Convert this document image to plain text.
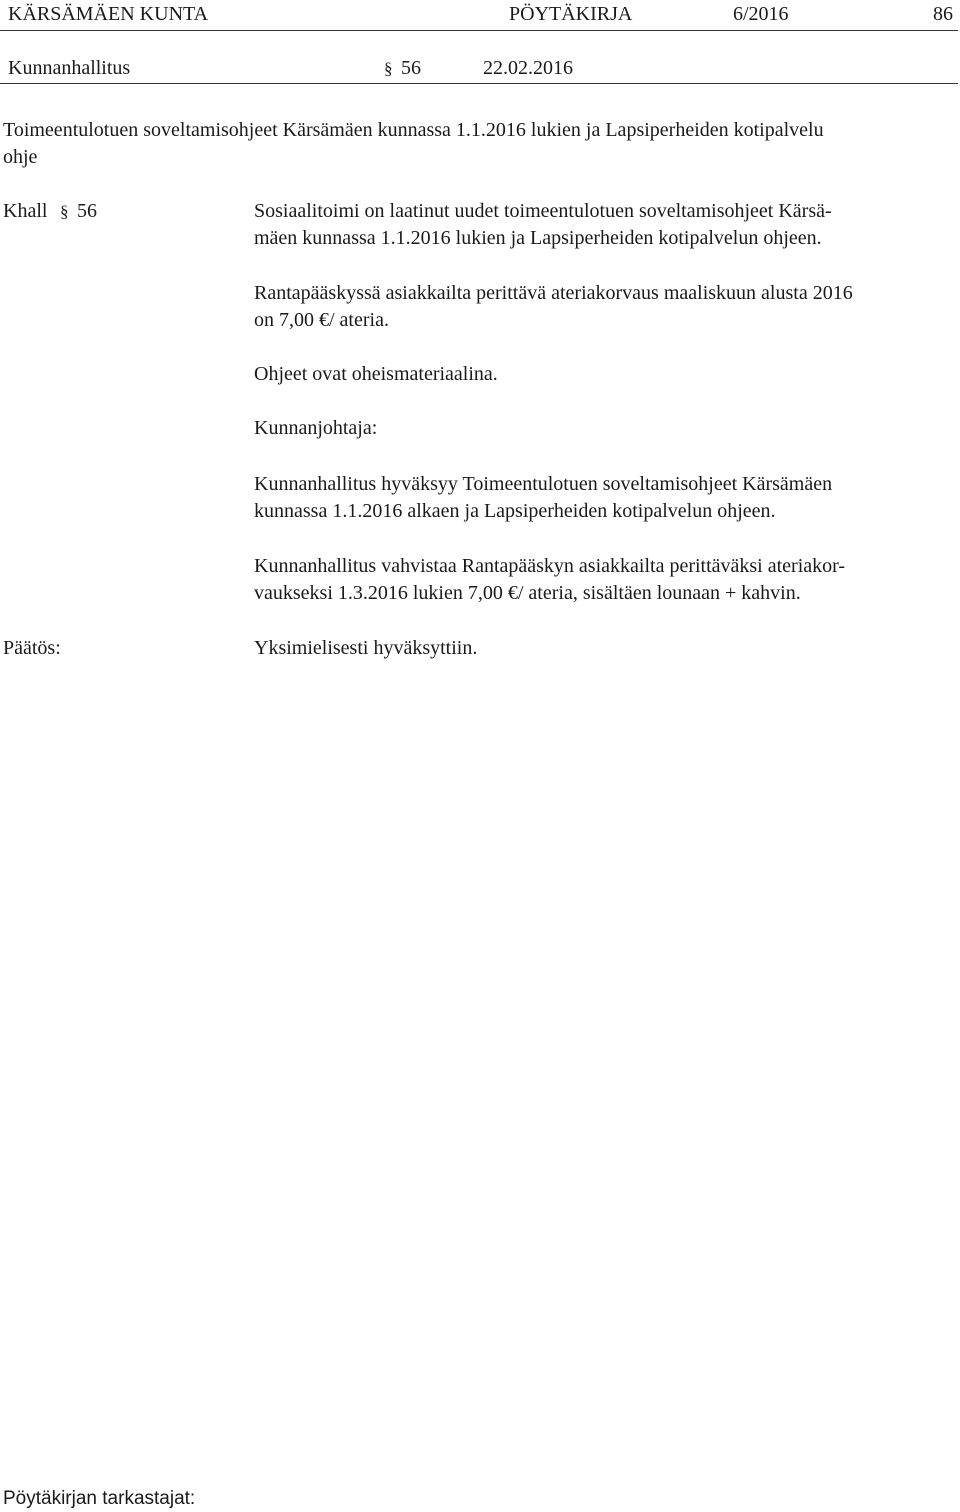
KÄRSÄMÄEN KUNTA	PÖYTÄKIRJA	6/2016	86
Kunnanhallitus	§ 56	22.02.2016
Toimeentulotuen soveltamisohjeet Kärsämäen kunnassa 1.1.2016 lukien ja Lapsiperheiden kotipalvelu
ohje
Khall § 56	Sosiaalitoimi on laatinut uudet toimeentulotuen soveltamisohjeet Kärsä-

mäen kunnassa 1.1.2016 lukien ja Lapsiperheiden kotipalvelun ohjeen.

Rantapääskyssä asiakkailta perittävä ateriakorvaus maaliskuun alusta 2016

on 7,00 €/ ateria.

Ohjeet ovat oheismateriaalina.

Kunnanjohtaja:

Kunnanhallitus hyväksyy Toimeentulotuen soveltamisohjeet Kärsämäen

kunnassa 1.1.2016 alkaen ja Lapsiperheiden kotipalvelun ohjeen.

Kunnanhallitus vahvistaa Rantapääskyn asiakkailta perittäväksi ateriakor-

vaukseksi 1.3.2016 lukien 7,00 €/ ateria, sisältäen lounaan + kahvin.

Päätös:	Yksimielisesti hyväksyttiin.
Pöytäkirjan tarkastajat:
